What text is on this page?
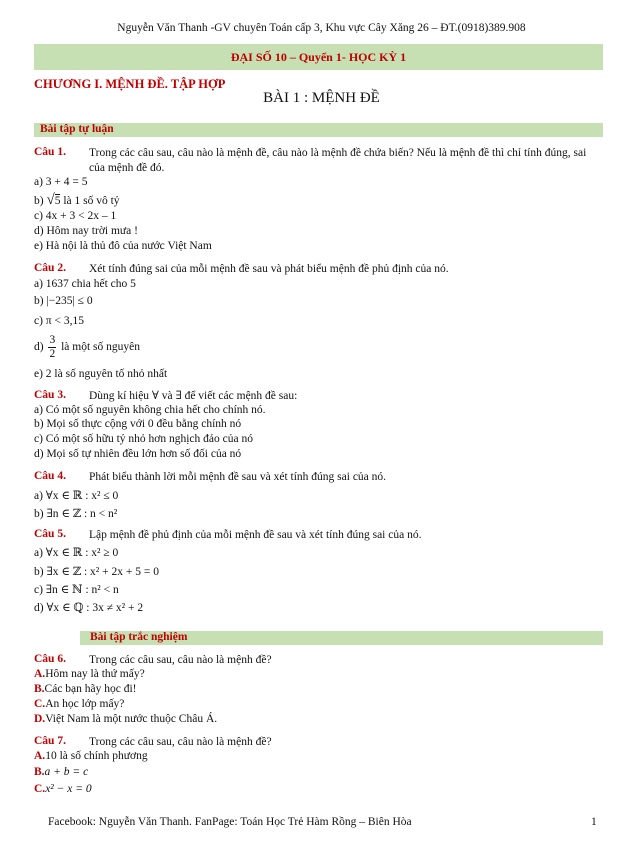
Nguyễn Văn Thanh -GV chuyên Toán cấp 3, Khu vực Cây Xăng 26 – ĐT.(0918)389.908
ĐẠI SỐ 10 – Quyển 1- HỌC KỲ 1
CHƯƠNG I. MỆNH ĐỀ. TẬP HỢP
BÀI 1 : MỆNH ĐỀ
Bài tập tự luận
Câu 1. Trong các câu sau, câu nào là mệnh đề, câu nào là mệnh đề chứa biến? Nếu là mệnh đề thì chỉ tính đúng, sai của mệnh đề đó.
a) 3 + 4 = 5
b) √5 là 1 số vô tỷ
c) 4x + 3 < 2x – 1
d) Hôm nay trời mưa !
e) Hà nội là thủ đô của nước Việt Nam
Câu 2. Xét tính đúng sai của mỗi mệnh đề sau và phát biểu mệnh đề phủ định của nó.
a) 1637 chia hết cho 5
b) |−235| ≤ 0
c) π < 3,15
$d) \frac{3}{2}$ là một số nguyên
e) 2 là số nguyên tố nhỏ nhất
Câu 3. Dùng kí hiệu ∀ và ∃ để viết các mệnh đề sau:
a) Có một số nguyên không chia hết cho chính nó.
b) Mọi số thực cộng với 0 đều bằng chính nó
c) Có một số hữu tỷ nhỏ hơn nghịch đảo của nó
d) Mọi số tự nhiên đều lớn hơn số đối của nó
Câu 4. Phát biểu thành lời mỗi mệnh đề sau và xét tính đúng sai của nó.
a) ∀x ∈ ℝ : x² ≤ 0
b) ∃n ∈ ℤ : n < n²
Câu 5. Lập mệnh đề phủ định của mỗi mệnh đề sau và xét tính đúng sai của nó.
a) ∀x ∈ ℝ : x² ≥ 0
b) ∃x ∈ ℤ : x² + 2x + 5 = 0
c) ∃n ∈ ℕ : n² < n
d) ∀x ∈ ℚ : 3x ≠ x² + 2
Bài tập trắc nghiệm
Câu 6. Trong các câu sau, câu nào là mệnh đề?
A.Hôm nay là thứ mấy?
B.Các bạn hãy học đi!
C.An học lớp mấy?
D.Việt Nam là một nước thuộc Châu Á.
Câu 7. Trong các câu sau, câu nào là mệnh đề?
A.10 là số chính phương
B.a + b = c
C.x² − x = 0
Facebook: Nguyễn Văn Thanh. FanPage: Toán Học Trẻ Hàm Rồng – Biên Hòa	1
